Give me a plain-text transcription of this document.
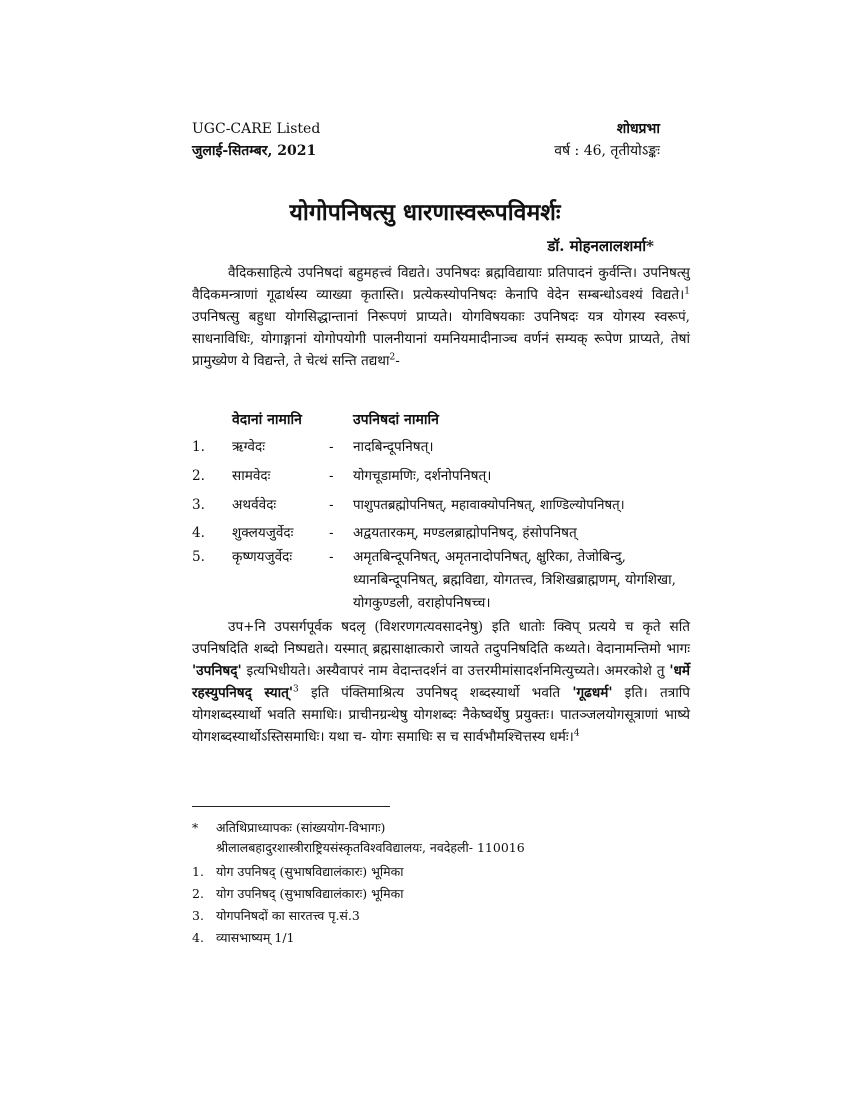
UGC-CARE Listed
जुलाई-सितम्बर, 2021
शोधप्रभा
वर्ष : 46, तृतीयोऽङ्कः
योगोपनिषत्सु धारणास्वरूपविमर्शः
डॉ. मोहनलालशर्मा*
वैदिकसाहित्ये उपनिषदां बहुमहत्त्वं विद्यते। उपनिषदः ब्रह्मविद्यायाः प्रतिपादनं कुर्वन्ति। उपनिषत्सु वैदिकमन्त्राणां गूढार्थस्य व्याख्या कृतास्ति। प्रत्येकस्योपनिषदः केनापि वेदेन सम्बन्धोऽवश्यं विद्यते।$^1$ उपनिषत्सु बहुधा योगसिद्धान्तानां निरूपणं प्राप्यते। योगविषयकाः उपनिषदः यत्र योगस्य स्वरूपं, साधनाविधिः, योगाङ्गानां योगोपयोगी पालनीयानां यमनियमादीनाञ्च वर्णनं सम्यक् रूपेण प्राप्यते, तेषां प्रामुख्येण ये विद्यन्ते, ते चेत्थं सन्ति तद्यथा$^2$-
वेदानां नामानि	उपनिषदां नामानि
1. ऋग्वेदः	- नादबिन्दूपनिषत्।
2. सामवेदः	- योगचूडामणिः, दर्शनोपनिषत्।
3. अथर्ववेदः	- पाशुपतब्रह्मोपनिषत्, महावाक्योपनिषत्, शाण्डिल्योपनिषत्।
4. शुक्लयजुर्वेदः	- अद्वयतारकम्, मण्डलब्राह्मोपनिषद्, हंसोपनिषत्
5. कृष्णयजुर्वेदः	- अमृतबिन्दूपनिषत्, अमृतनादोपनिषत्, क्षुरिका, तेजोबिन्दु, ध्यानबिन्दूपनिषत्, ब्रह्मविद्या, योगतत्त्व, त्रिशिखब्राह्मणम्, योगशिखा, योगकुण्डली, वराहोपनिषच्च।
उप+नि उपसर्गपूर्वक षदलृ (विशरणगत्यवसादनेषु) इति धातोः क्विप् प्रत्यये च कृते सति उपनिषदिति शब्दो निष्पद्यते। यस्मात् ब्रह्मसाक्षात्कारो जायते तदुपनिषदिति कथ्यते। वेदानामन्तिमो भागः 'उपनिषद्' इत्यभिधीयते। अस्यैवापरं नाम वेदान्तदर्शनं वा उत्तरमीमांसादर्शनमित्युच्यते। अमरकोशे तु 'धर्मे रहस्युपनिषद् $स्यात्'^3$ इति पंक्तिमाश्रित्य उपनिषद् शब्दस्यार्थो भवति 'गूढधर्म' इति। तत्रापि योगशब्दस्यार्थो भवति समाधिः। प्राचीनग्रन्थेषु योगशब्दः नैकेष्वर्थेषु प्रयुक्तः। पातञ्जलयोगसूत्राणां भाष्ये योगशब्दस्यार्थोऽस्तिसमाधिः। यथा च- योगः समाधिः स च सार्वभौमश्चित्तस्य धर्मः।$^4$
* अतिथिप्राध्यापकः (सांख्ययोग-विभागः)
श्रीलालबहादुरशास्त्रीराष्ट्रियसंस्कृतविश्वविद्यालयः, नवदेहली- 110016
1. योग उपनिषद् (सुभाषविद्यालंकारः) भूमिका
2. योग उपनिषद् (सुभाषविद्यालंकारः) भूमिका
3. योगपनिषदों का सारतत्त्व पृ.सं.3
4. व्यासभाष्यम् 1/1
